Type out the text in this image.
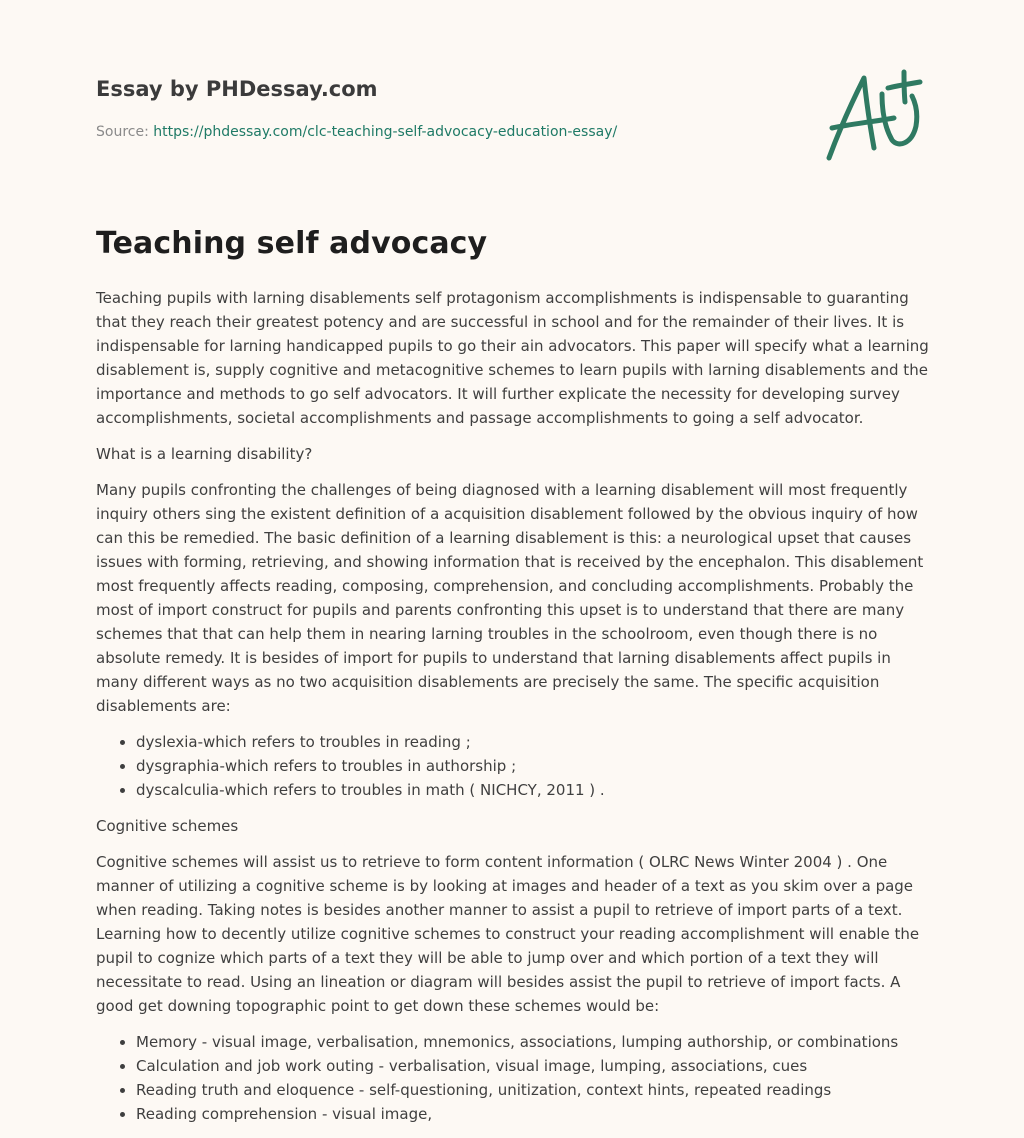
Essay by PHDessay.com
Source: https://phdessay.com/clc-teaching-self-advocacy-education-essay/
Teaching self advocacy

Teaching pupils with larning disablements self protagonism accomplishments is indispensable to guaranting that they reach their greatest potency and are successful in school and for the remainder of their lives. It is indispensable for larning handicapped pupils to go their ain advocators. This paper will specify what a learning disablement is, supply cognitive and metacognitive schemes to learn pupils with larning disablements and the importance and methods to go self advocators. It will further explicate the necessity for developing survey accomplishments, societal accomplishments and passage accomplishments to going a self advocator.

What is a learning disability?

Many pupils confronting the challenges of being diagnosed with a learning disablement will most frequently inquiry others sing the existent definition of a acquisition disablement followed by the obvious inquiry of how can this be remedied. The basic definition of a learning disablement is this: a neurological upset that causes issues with forming, retrieving, and showing information that is received by the encephalon. This disablement most frequently affects reading, composing, comprehension, and concluding accomplishments. Probably the most of import construct for pupils and parents confronting this upset is to understand that there are many schemes that that can help them in nearing larning troubles in the schoolroom, even though there is no absolute remedy. It is besides of import for pupils to understand that larning disablements affect pupils in many different ways as no two acquisition disablements are precisely the same. The specific acquisition disablements are:

• dyslexia-which refers to troubles in reading ;
• dysgraphia-which refers to troubles in authorship ;
• dyscalculia-which refers to troubles in math ( NICHCY, 2011 ) .

Cognitive schemes

Cognitive schemes will assist us to retrieve to form content information ( OLRC News Winter 2004 ) . One manner of utilizing a cognitive scheme is by looking at images and header of a text as you skim over a page when reading. Taking notes is besides another manner to assist a pupil to retrieve of import parts of a text. Learning how to decently utilize cognitive schemes to construct your reading accomplishment will enable the pupil to cognize which parts of a text they will be able to jump over and which portion of a text they will necessitate to read. Using an lineation or diagram will besides assist the pupil to retrieve of import facts. A good get downing topographic point to get down these schemes would be:

• Memory - visual image, verbalisation, mnemonics, associations, lumping authorship, or combinations
• Calculation and job work outing - verbalisation, visual image, lumping, associations, cues
• Reading truth and eloquence - self-questioning, unitization, context hints, repeated readings
• Reading comprehension - visual image,
